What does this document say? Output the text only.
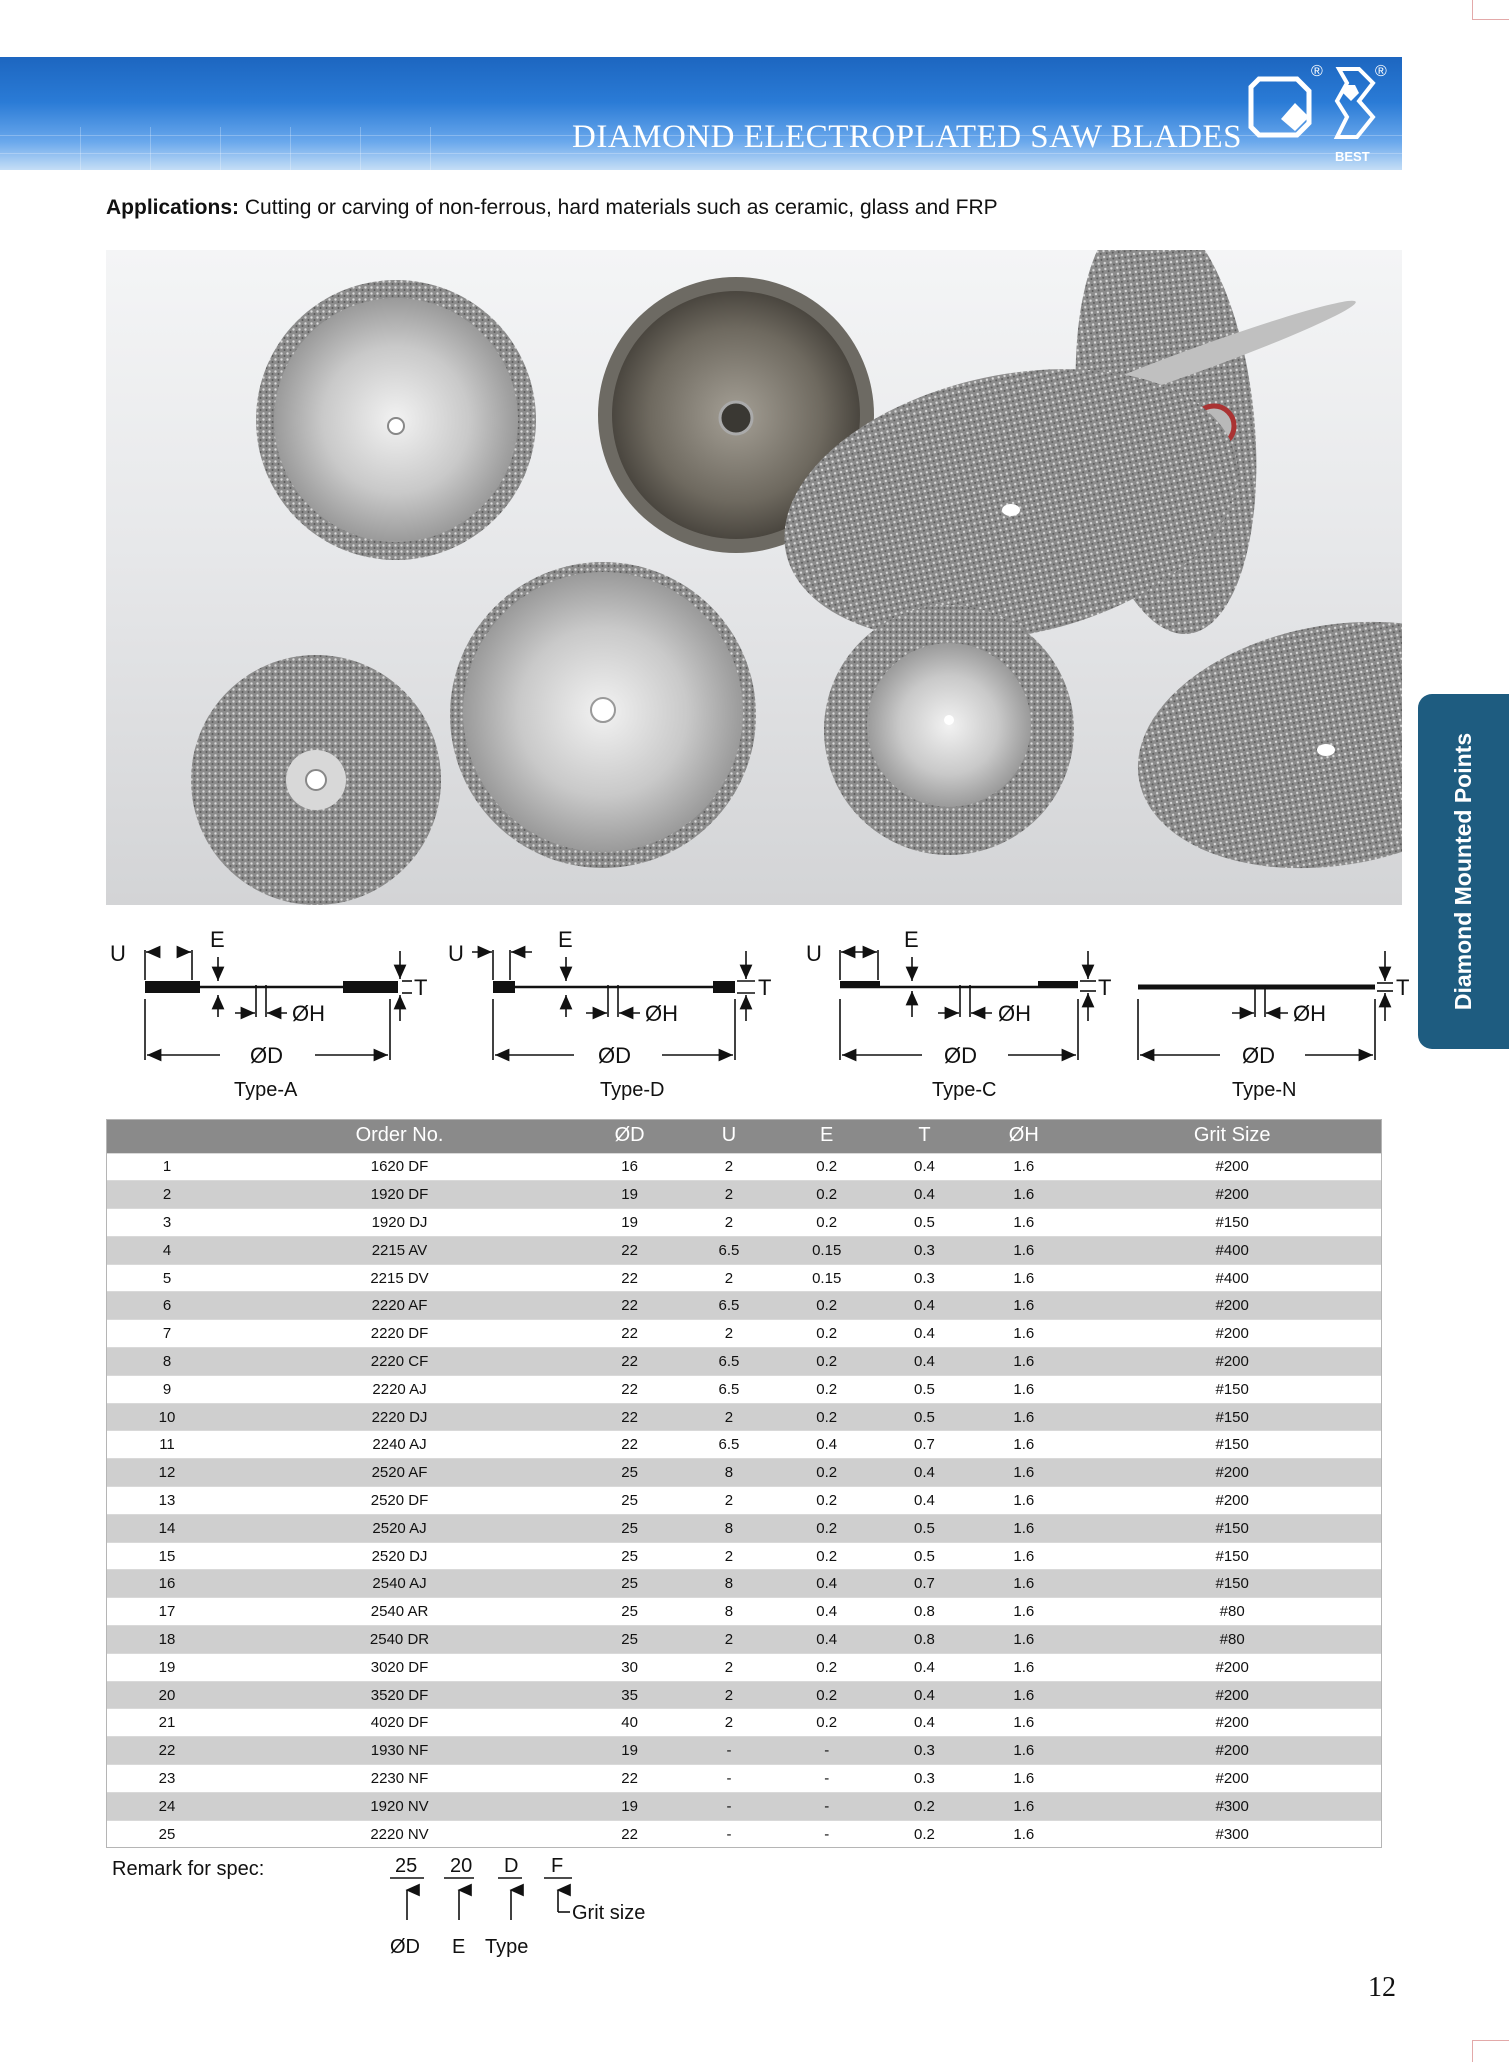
DIAMOND ELECTROPLATED SAW BLADES
®	®
BEST
Applications: Cutting or carving of non-ferrous, hard materials such as ceramic, glass and FRP
Diamond Mounted Points
U
E
T
ØH
ØD
Type-A
U
E
T
ØH
ØD
Type-D
U
E
T
ØH
ØD
Type-C
T
ØH
ØD
Type-N
	Order No.	ØD	U	E	T	ØH	Grit Size
1	1620 DF	16	2	0.2	0.4	1.6	#200
2	1920 DF	19	2	0.2	0.4	1.6	#200
3	1920 DJ	19	2	0.2	0.5	1.6	#150
4	2215 AV	22	6.5	0.15	0.3	1.6	#400
5	2215 DV	22	2	0.15	0.3	1.6	#400
6	2220 AF	22	6.5	0.2	0.4	1.6	#200
7	2220 DF	22	2	0.2	0.4	1.6	#200
8	2220 CF	22	6.5	0.2	0.4	1.6	#200
9	2220 AJ	22	6.5	0.2	0.5	1.6	#150
10	2220 DJ	22	2	0.2	0.5	1.6	#150
11	2240 AJ	22	6.5	0.4	0.7	1.6	#150
12	2520 AF	25	8	0.2	0.4	1.6	#200
13	2520 DF	25	2	0.2	0.4	1.6	#200
14	2520 AJ	25	8	0.2	0.5	1.6	#150
15	2520 DJ	25	2	0.2	0.5	1.6	#150
16	2540 AJ	25	8	0.4	0.7	1.6	#150
17	2540 AR	25	8	0.4	0.8	1.6	#80
18	2540 DR	25	2	0.4	0.8	1.6	#80
19	3020 DF	30	2	0.2	0.4	1.6	#200
20	3520 DF	35	2	0.2	0.4	1.6	#200
21	4020 DF	40	2	0.2	0.4	1.6	#200
22	1930 NF	19	-	-	0.3	1.6	#200
23	2230 NF	22	-	-	0.3	1.6	#200
24	1920 NV	19	-	-	0.2	1.6	#300
25	2220 NV	22	-	-	0.2	1.6	#300
Remark for spec:	25 20 D F
Grit size
ØD E Type
12
